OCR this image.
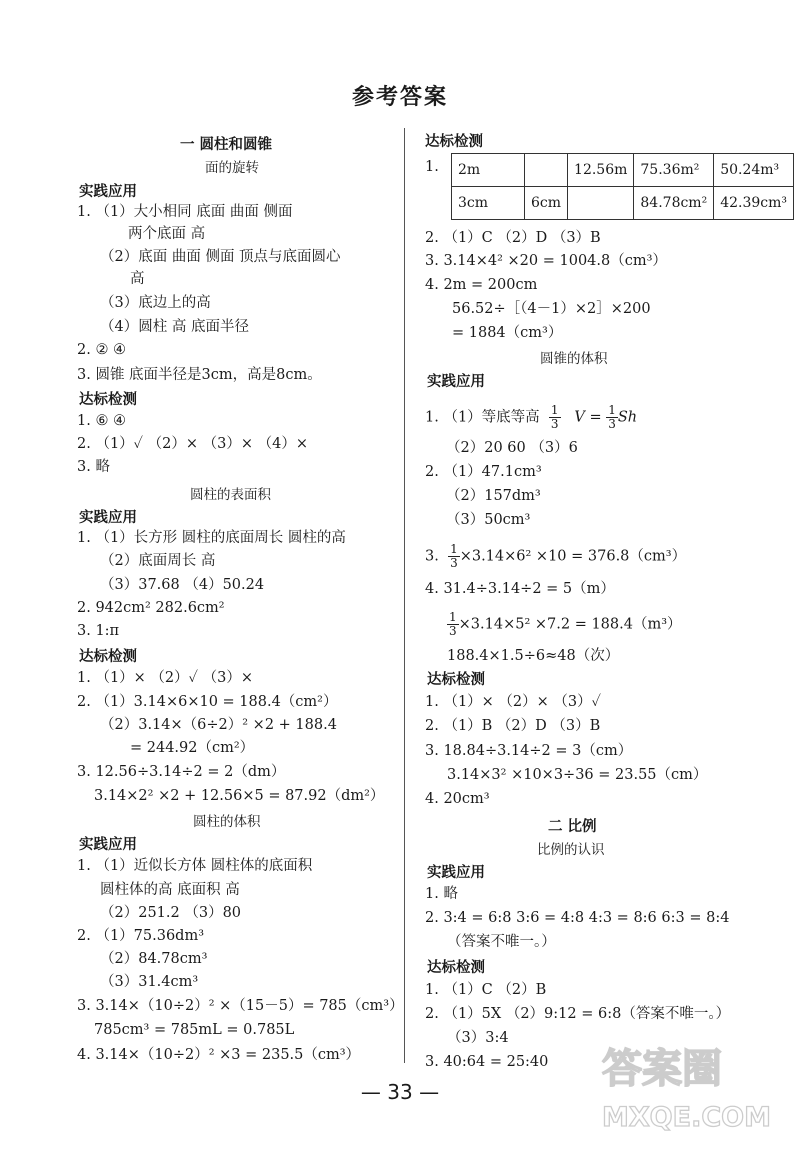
参考答案
一 圆柱和圆锥
面的旋转
实践应用
1. （1）大小相同 底面 曲面 侧面
两个底面 高
（2）底面 曲面 侧面 顶点与底面圆心
高
（3）底边上的高
（4）圆柱 高 底面半径
2. ② ④
3. 圆锥 底面半径是3cm，高是8cm。
达标检测
1. ⑥ ④
2. （1）✓ （2）× （3）× （4）×
3. 略
圆柱的表面积
实践应用
1. （1）长方形 圆柱的底面周长 圆柱的高
（2）底面周长 高
（3）37.68 （4）50.24
2. 942cm² 282.6cm²
3. 1:π
达标检测
1. （1）× （2）✓ （3）×
2. （1）3.14×6×10 = 188.4（cm²）
（2）3.14×（6÷2）² ×2 + 188.4
= 244.92（cm²）
3. 12.56÷3.14÷2 = 2（dm）
3.14×2² ×2 + 12.56×5 = 87.92（dm²）
圆柱的体积
实践应用
1. （1）近似长方体 圆柱体的底面积
圆柱体的高 底面积 高
（2）251.2 （3）80
2. （1）75.36dm³
（2）84.78cm³
（3）31.4cm³
3. 3.14×（10÷2）² ×（15－5）= 785（cm³）
785cm³ = 785mL = 0.785L
4. 3.14×（10÷2）² ×3 = 235.5（cm³）
达标检测
1.
2. （1）C （2）D （3）B
3. 3.14×4² ×20 = 1004.8（cm³）
4. 2m = 200cm
56.52÷［（4－1）×2］×200
= 1884（cm³）
圆锥的体积
实践应用
（2）20 60 （3）6
2. （1）47.1cm³
（2）157dm³
（3）50cm³
4. 31.4÷3.14÷2 = 5（m）
188.4×1.5÷6≈48（次）
达标检测
1. （1）× （2）× （3）✓
2. （1）B （2）D （3）B
3. 18.84÷3.14÷2 = 3（cm）
3.14×3² ×10×3÷36 = 23.55（cm）
4. 20cm³
二 比例
比例的认识
实践应用
1. 略
2. 3:4 = 6:8 3:6 = 4:8 4:3 = 8:6 6:3 = 8:4
（答案不唯一。）
达标检测
1. （1）C （2）B
2. （1）5X （2）9:12 = 6:8（答案不唯一。）
（3）3:4
3. 40:64 = 25:40
2m		12.56m	75.36m²	50.24m³
3cm	6cm		84.78cm²	42.39cm³
1. （1）等底等高 $\frac{1}{3}$ $V = \frac{1}{3}$ Sh
3. $\frac{1}{3} \times 3.14\times 6^2 \times 10 = 376.8(cm^3)$
$\frac{1}{3} \times 3.14\times 5^2 \times 7.2 = 188.4(m^3)$
— 33 —	答案圈
MXQE.COM
